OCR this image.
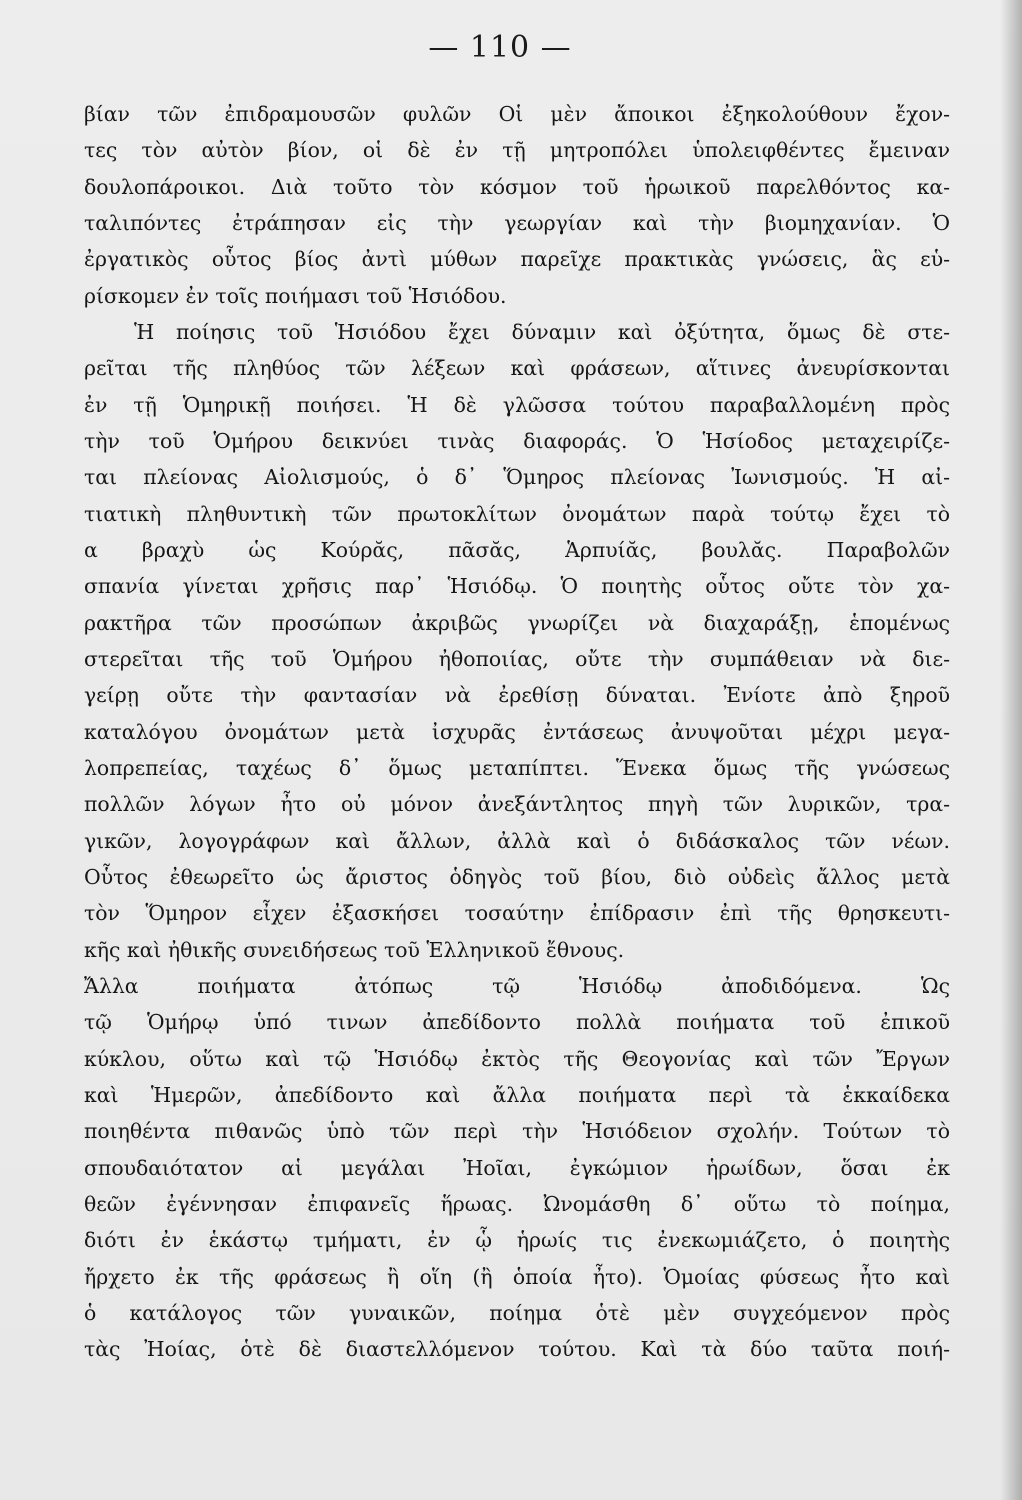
— 110 —
βίαν τῶν ἐπιδραμουσῶν φυλῶν Οἱ μὲν ἄποικοι ἐξηκολούθουν ἔχον-
τες τὸν αὐτὸν βίον, οἱ δὲ ἐν τῇ μητροπόλει ὑπολειφθέντες ἔμειναν
δουλοπάροικοι. Διὰ τοῦτο τὸν κόσμον τοῦ ἡρωικοῦ παρελθόντος κα-
ταλιπόντες ἐτράπησαν εἰς τὴν γεωργίαν καὶ τὴν βιομηχανίαν. Ὁ
ἐργατικὸς οὗτος βίος ἀντὶ μύθων παρεῖχε πρακτικὰς γνώσεις, ἃς εὑ-
ρίσκομεν ἐν τοῖς ποιήμασι τοῦ Ἡσιόδου.
Ἡ ποίησις τοῦ Ἡσιόδου ἔχει δύναμιν καὶ ὀξύτητα, ὅμως δὲ στε-
ρεῖται τῆς πληθύος τῶν λέξεων καὶ φράσεων, αἵτινες ἀνευρίσκονται
ἐν τῇ Ὁμηρικῇ ποιήσει. Ἡ δὲ γλῶσσα τούτου παραβαλλομένη πρὸς
τὴν τοῦ Ὁμήρου δεικνύει τινὰς διαφοράς. Ὁ Ἡσίοδος μεταχειρίζε-
ται πλείονας Αἰολισμούς, ὁ δ᾽ Ὅμηρος πλείονας Ἰωνισμούς. Ἡ αἰ-
τιατικὴ πληθυντικὴ τῶν πρωτοκλίτων ὀνομάτων παρὰ τούτῳ ἔχει τὸ
α βραχὺ ὡς Κούρᾰς, πᾶσᾰς, Ἁρπυίᾰς, βουλᾰς. Παραβολῶν
σπανία γίνεται χρῆσις παρ᾽ Ἡσιόδῳ. Ὁ ποιητὴς οὗτος οὔτε τὸν χα-
ρακτῆρα τῶν προσώπων ἀκριβῶς γνωρίζει νὰ διαχαράξῃ, ἑπομένως
στερεῖται τῆς τοῦ Ὁμήρου ἠθοποιίας, οὔτε τὴν συμπάθειαν νὰ διε-
γείρῃ οὔτε τὴν φαντασίαν νὰ ἐρεθίσῃ δύναται. Ἐνίοτε ἀπὸ ξηροῦ
καταλόγου ὀνομάτων μετὰ ἰσχυρᾶς ἐντάσεως ἀνυψοῦται μέχρι μεγα-
λοπρεπείας, ταχέως δ᾽ ὅμως μεταπίπτει. Ἕνεκα ὅμως τῆς γνώσεως
πολλῶν λόγων ἦτο οὐ μόνον ἀνεξάντλητος πηγὴ τῶν λυρικῶν, τρα-
γικῶν, λογογράφων καὶ ἄλλων, ἀλλὰ καὶ ὁ διδάσκαλος τῶν νέων.
Οὗτος ἐθεωρεῖτο ὡς ἄριστος ὁδηγὸς τοῦ βίου, διὸ οὐδεὶς ἄλλος μετὰ
τὸν Ὅμηρον εἶχεν ἐξασκήσει τοσαύτην ἐπίδρασιν ἐπὶ τῆς θρησκευτι-
κῆς καὶ ἠθικῆς συνειδήσεως τοῦ Ἑλληνικοῦ ἔθνους.
Ἄλλα ποιήματα ἀτόπως τῷ Ἡσιόδῳ ἀποδιδόμενα. Ὡς
τῷ Ὁμήρῳ ὑπό τινων ἀπεδίδοντο πολλὰ ποιήματα τοῦ ἐπικοῦ
κύκλου, οὕτω καὶ τῷ Ἡσιόδῳ ἐκτὸς τῆς Θεογονίας καὶ τῶν Ἔργων
καὶ Ἡμερῶν, ἀπεδίδοντο καὶ ἄλλα ποιήματα περὶ τὰ ἑκκαίδεκα
ποιηθέντα πιθανῶς ὑπὸ τῶν περὶ τὴν Ἡσιόδειον σχολήν. Τούτων τὸ
σπουδαιότατον αἱ μεγάλαι Ἠοῖαι, ἐγκώμιον ἡρωίδων, ὅσαι ἐκ
θεῶν ἐγέννησαν ἐπιφανεῖς ἥρωας. Ὠνομάσθη δ᾽ οὕτω τὸ ποίημα,
διότι ἐν ἑκάστῳ τμήματι, ἐν ᾧ ἡρωίς τις ἐνεκωμιάζετο, ὁ ποιητὴς
ἤρχετο ἐκ τῆς φράσεως ἢ οἵη (ἢ ὁποία ἦτο). Ὁμοίας φύσεως ἦτο καὶ
ὁ κατάλογος τῶν γυναικῶν, ποίημα ὁτὲ μὲν συγχεόμενον πρὸς
τὰς Ἠοίας, ὁτὲ δὲ διαστελλόμενον τούτου. Καὶ τὰ δύο ταῦτα ποιή-
